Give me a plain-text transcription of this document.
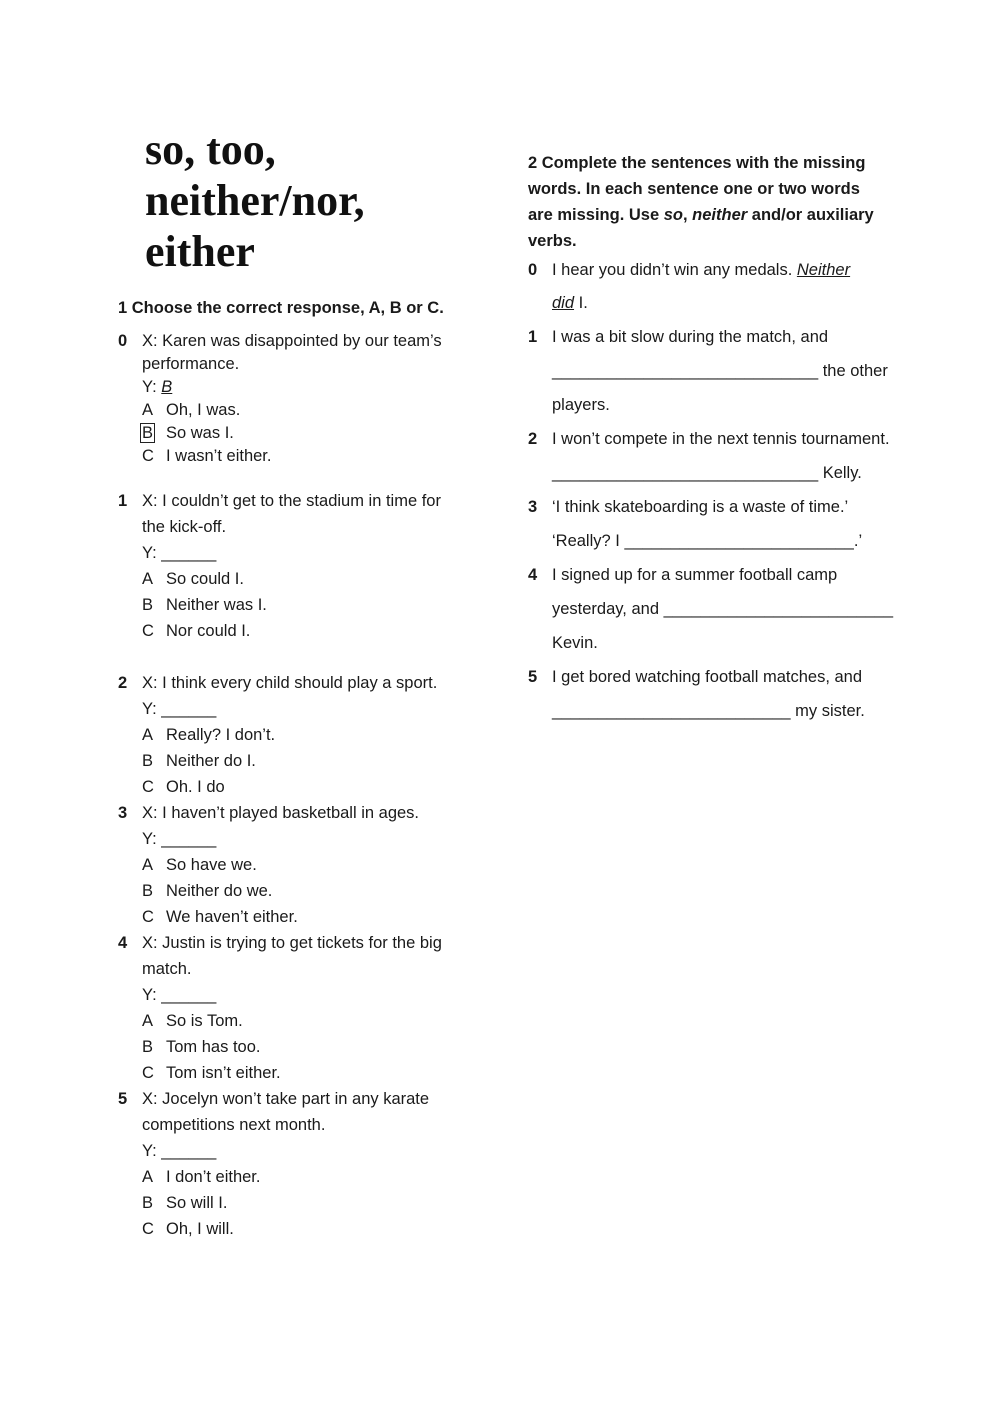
so, too,
neither/nor,
either
1 Choose the correct response, A, B or C.
0 X: Karen was disappointed by our team’s
performance.
Y: B
A Oh, I was.
B So was I.
C I wasn’t either.
1 X: I couldn’t get to the stadium in time for
the kick-off.
Y: ______
A So could I.
B Neither was I.
C Nor could I.
2 X: I think every child should play a sport.
Y: ______
A Really? I don’t.
B Neither do I.
C Oh. I do
3 X: I haven’t played basketball in ages.
Y: ______
A So have we.
B Neither do we.
C We haven’t either.
4 X: Justin is trying to get tickets for the big
match.
Y: ______
A So is Tom.
B Tom has too.
C Tom isn’t either.
5 X: Jocelyn won’t take part in any karate
competitions next month.
Y: ______
A I don’t either.
B So will I.
C Oh, I will.
2 Complete the sentences with the missing
words. In each sentence one or two words
are missing. Use so, neither and/or auxiliary
verbs.
0 I hear you didn’t win any medals. Neither
did I.
1 I was a bit slow during the match, and
_____________________________ the other
players.
2 I won’t compete in the next tennis tournament.
_____________________________ Kelly.
3 ‘I think skateboarding is a waste of time.’
‘Really? I _________________________.’
4 I signed up for a summer football camp
yesterday, and _________________________
Kevin.
5 I get bored watching football matches, and
__________________________ my sister.
